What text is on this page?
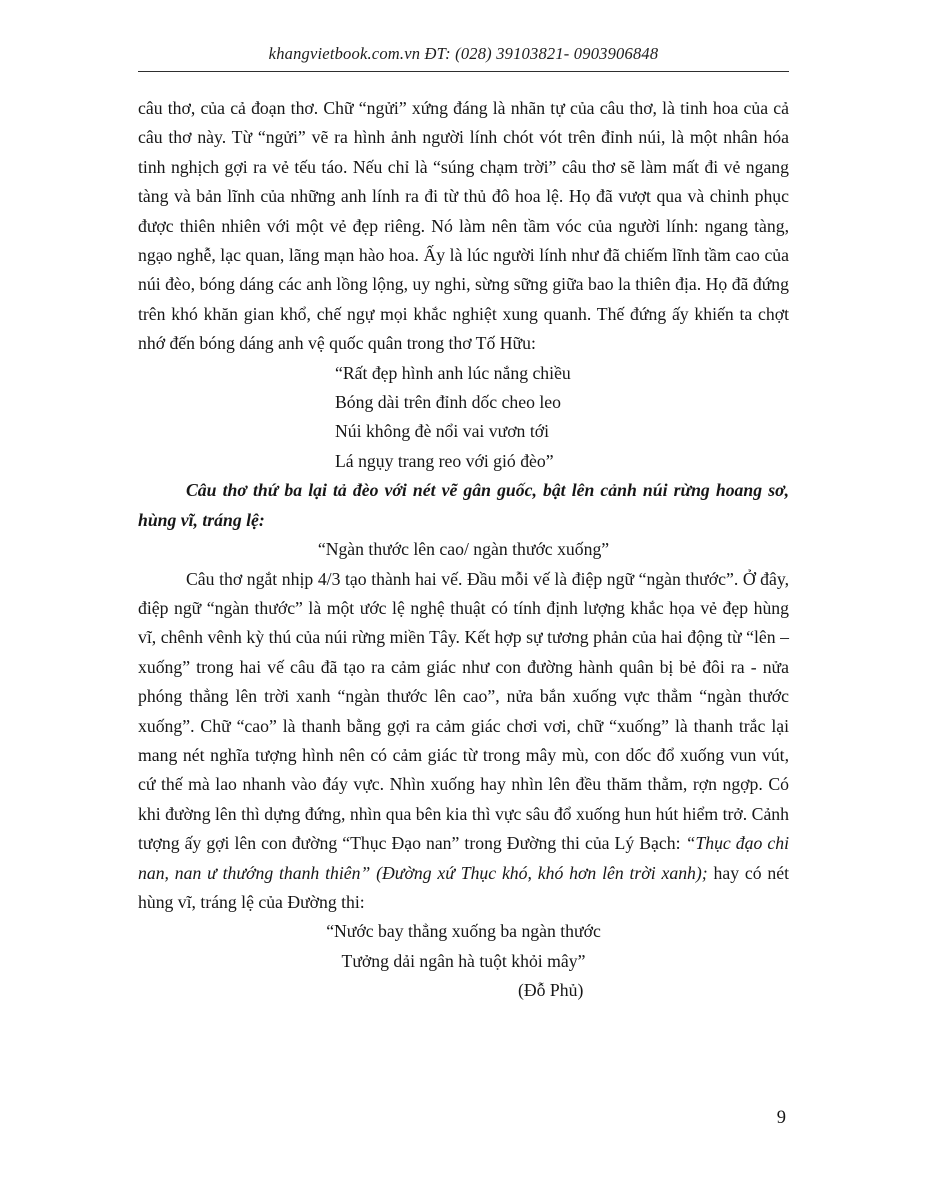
khangvietbook.com.vn ĐT: (028) 39103821- 0903906848

câu thơ, của cả đoạn thơ. Chữ “ngửi” xứng đáng là nhãn tự của câu thơ, là tinh hoa của cả câu thơ này. Từ “ngửi” vẽ ra hình ảnh người lính chót vót trên đỉnh núi, là một nhân hóa tinh nghịch gợi ra vẻ tếu táo. Nếu chỉ là “súng chạm trời” câu thơ sẽ làm mất đi vẻ ngang tàng và bản lĩnh của những anh lính ra đi từ thủ đô hoa lệ. Họ đã vượt qua và chinh phục được thiên nhiên với một vẻ đẹp riêng. Nó làm nên tầm vóc của người lính: ngang tàng, ngạo nghễ, lạc quan, lãng mạn hào hoa. Ấy là lúc người lính như đã chiếm lĩnh tầm cao của núi đèo, bóng dáng các anh lồng lộng, uy nghi, sừng sững giữa bao la thiên địa. Họ đã đứng trên khó khăn gian khổ, chế ngự mọi khắc nghiệt xung quanh. Thế đứng ấy khiến ta chợt nhớ đến bóng dáng anh vệ quốc quân trong thơ Tố Hữu:

“Rất đẹp hình anh lúc nắng chiều
Bóng dài trên đỉnh dốc cheo leo
Núi không đè nổi vai vươn tới
Lá ngụy trang reo với gió đèo”

Câu thơ thứ ba lại tả đèo với nét vẽ gân guốc, bật lên cảnh núi rừng hoang sơ, hùng vĩ, tráng lệ:

“Ngàn thước lên cao/ ngàn thước xuống”

Câu thơ ngắt nhịp 4/3 tạo thành hai vế. Đầu mỗi vế là điệp ngữ “ngàn thước”. Ở đây, điệp ngữ “ngàn thước” là một ước lệ nghệ thuật có tính định lượng khắc họa vẻ đẹp hùng vĩ, chênh vênh kỳ thú của núi rừng miền Tây. Kết hợp sự tương phản của hai động từ “lên – xuống” trong hai vế câu đã tạo ra cảm giác như con đường hành quân bị bẻ đôi ra - nửa phóng thẳng lên trời xanh “ngàn thước lên cao”, nửa bắn xuống vực thẳm “ngàn thước xuống”. Chữ “cao” là thanh bằng gợi ra cảm giác chơi vơi, chữ “xuống” là thanh trắc lại mang nét nghĩa tượng hình nên có cảm giác từ trong mây mù, con dốc đổ xuống vun vút, cứ thế mà lao nhanh vào đáy vực. Nhìn xuống hay nhìn lên đều thăm thẳm, rợn ngợp. Có khi đường lên thì dựng đứng, nhìn qua bên kia thì vực sâu đổ xuống hun hút hiểm trở. Cảnh tượng ấy gợi lên con đường “Thục Đạo nan” trong Đường thi của Lý Bạch: “Thục đạo chi nan, nan ư thướng thanh thiên” (Đường xứ Thục khó, khó hơn lên trời xanh); hay có nét hùng vĩ, tráng lệ của Đường thi:

“Nước bay thẳng xuống ba ngàn thước
Tưởng dải ngân hà tuột khỏi mây”
(Đỗ Phủ)
9
